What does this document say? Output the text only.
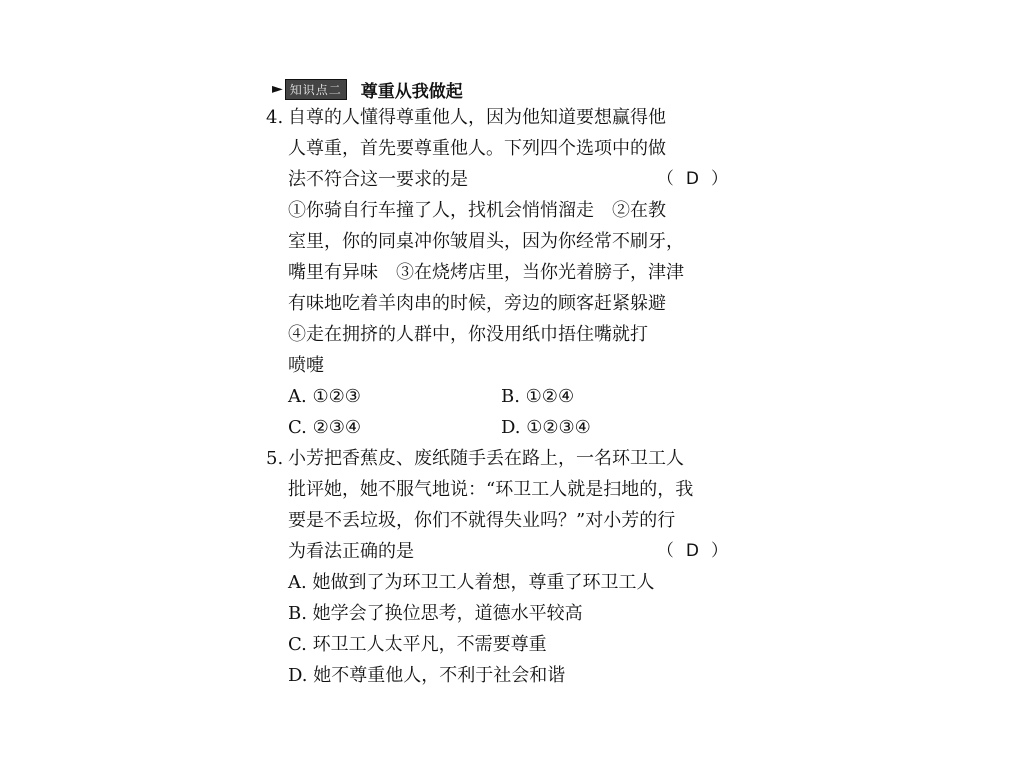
► 知识点二 尊重从我做起
4. 自尊的人懂得尊重他人，因为他知道要想赢得他
人尊重，首先要尊重他人。下列四个选项中的做
法不符合这一要求的是	（ D ）
①你骑自行车撞了人，找机会悄悄溜走　②在教
室里，你的同桌冲你皱眉头，因为你经常不刷牙，
嘴里有异味　③在烧烤店里，当你光着膀子，津津
有味地吃着羊肉串的时候，旁边的顾客赶紧躲避
④走在拥挤的人群中，你没用纸巾捂住嘴就打
喷嚏
A. ①②③	B. ①②④
C. ②③④	D. ①②③④
5. 小芳把香蕉皮、废纸随手丢在路上，一名环卫工人
批评她，她不服气地说：“环卫工人就是扫地的，我
要是不丢垃圾，你们不就得失业吗？”对小芳的行
为看法正确的是	（ D ）
A. 她做到了为环卫工人着想，尊重了环卫工人
B. 她学会了换位思考，道德水平较高
C. 环卫工人太平凡，不需要尊重
D. 她不尊重他人，不利于社会和谐
